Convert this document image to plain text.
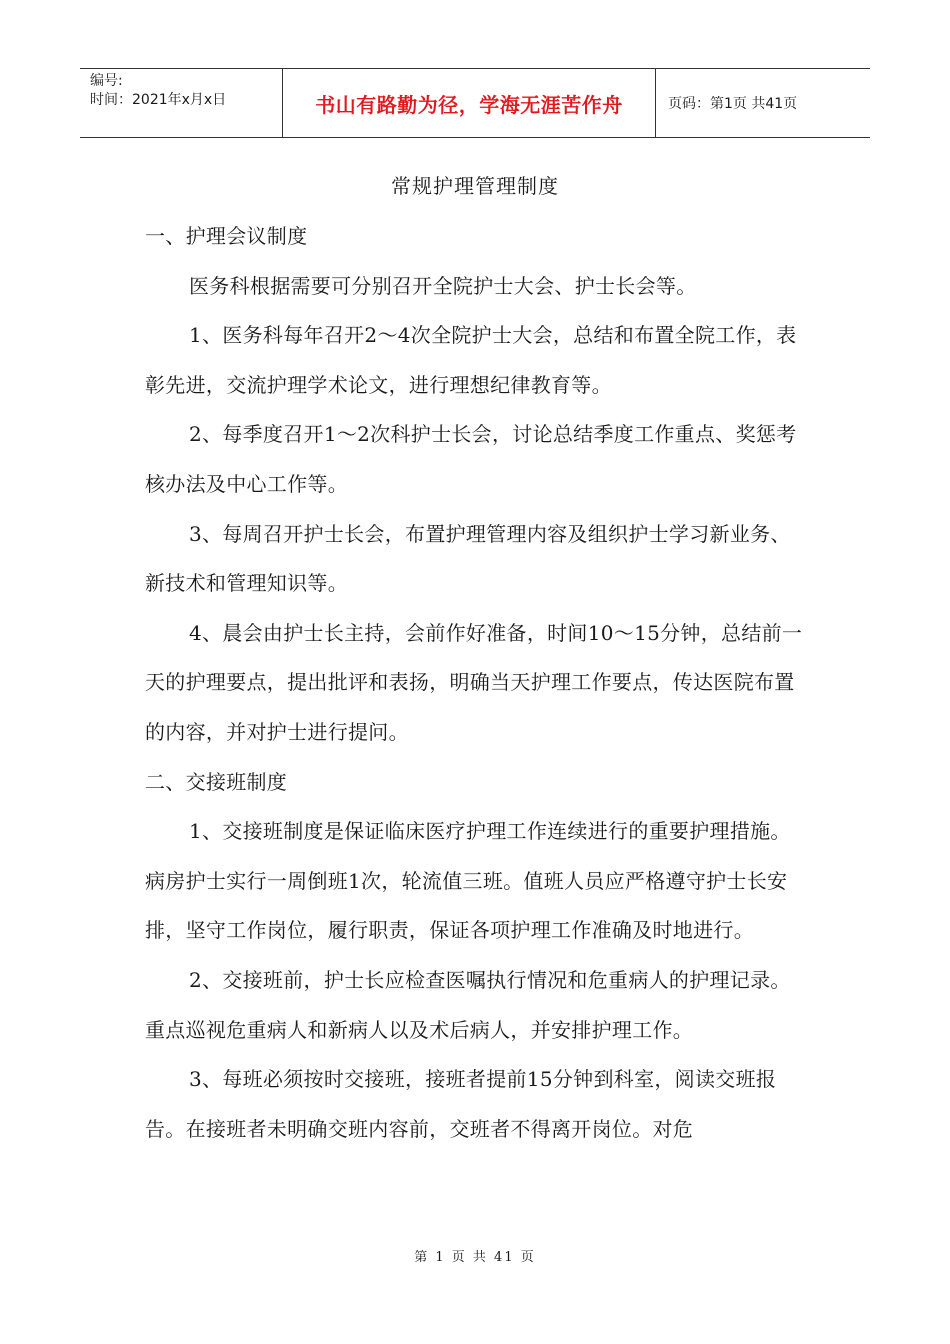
编号:
时间：2021年x月x日	书山有路勤为径，学海无涯苦作舟	页码：第1页 共41页
常规护理管理制度

一、护理会议制度

医务科根据需要可分别召开全院护士大会、护士长会等。

1、医务科每年召开2～4次全院护士大会，总结和布置全院工作，表彰先进，交流护理学术论文，进行理想纪律教育等。

2、每季度召开1～2次科护士长会，讨论总结季度工作重点、奖惩考核办法及中心工作等。

3、每周召开护士长会，布置护理管理内容及组织护士学习新业务、新技术和管理知识等。

4、晨会由护士长主持，会前作好准备，时间10～15分钟，总结前一天的护理要点，提出批评和表扬，明确当天护理工作要点，传达医院布置的内容，并对护士进行提问。

二、交接班制度

1、交接班制度是保证临床医疗护理工作连续进行的重要护理措施。病房护士实行一周倒班1次，轮流值三班。值班人员应严格遵守护士长安排，坚守工作岗位，履行职责，保证各项护理工作准确及时地进行。

2、交接班前，护士长应检查医嘱执行情况和危重病人的护理记录。重点巡视危重病人和新病人以及术后病人，并安排护理工作。

3、每班必须按时交接班，接班者提前15分钟到科室，阅读交班报告。在接班者未明确交班内容前，交班者不得离开岗位。对危

第 1 页 共 41 页
